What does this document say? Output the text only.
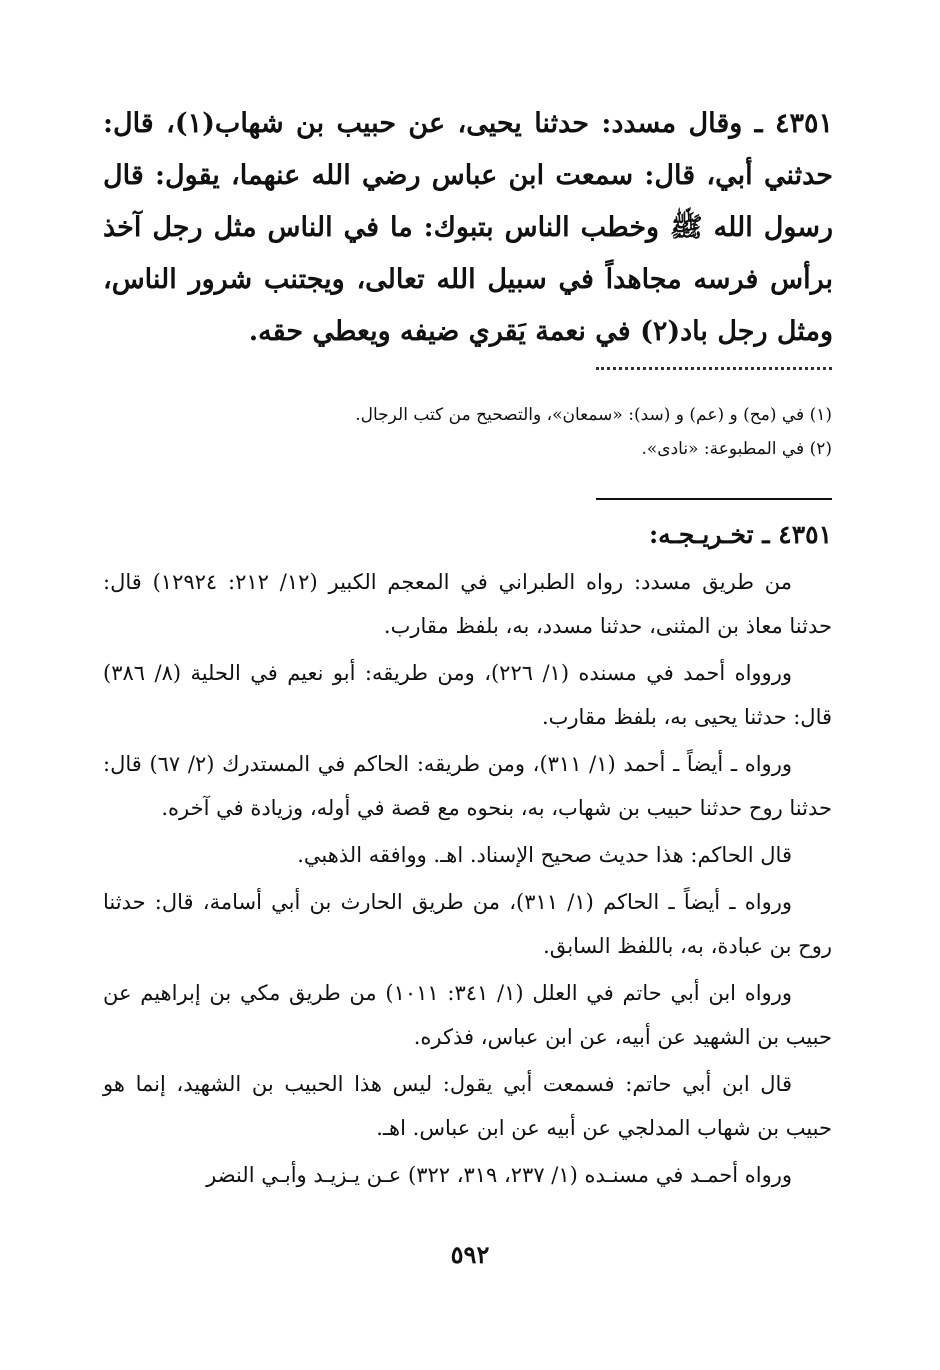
٤٣٥١ ـ وقال مسدد: حدثنا يحيى، عن حبيب بن شهاب(١)، قال: حدثني أبي، قال: سمعت ابن عباس رضي الله عنهما، يقول: قال رسول الله ﷺ وخطب الناس بتبوك: ما في الناس مثل رجل آخذ برأس فرسه مجاهداً في سبيل الله تعالى، ويجتنب شرور الناس، ومثل رجل باد(٢) في نعمة يَقري ضيفه ويعطي حقه.

(١) في (مح) و (عم) و (سد): «سمعان»، والتصحيح من كتب الرجال.

(٢) في المطبوعة: «نادى».

٤٣٥١ ـ تخـريـجـه:

من طريق مسدد: رواه الطبراني في المعجم الكبير (١٢/ ٢١٢: ١٢٩٢٤) قال: حدثنا معاذ بن المثنى، حدثنا مسدد، به، بلفظ مقارب.

وروواه أحمد في مسنده (١/ ٢٢٦)، ومن طريقه: أبو نعيم في الحلية (٨/ ٣٨٦) قال: حدثنا يحيى به، بلفظ مقارب.

ورواه ـ أيضاً ـ أحمد (١/ ٣١١)، ومن طريقه: الحاكم في المستدرك (٢/ ٦٧) قال: حدثنا روح حدثنا حبيب بن شهاب، به، بنحوه مع قصة في أوله، وزيادة في آخره.

قال الحاكم: هذا حديث صحيح الإسناد. اهـ. ووافقه الذهبي.

ورواه ـ أيضاً ـ الحاكم (١/ ٣١١)، من طريق الحارث بن أبي أسامة، قال: حدثنا روح بن عبادة، به، باللفظ السابق.

ورواه ابن أبي حاتم في العلل (١/ ٣٤١: ١٠١١) من طريق مكي بن إبراهيم عن حبيب بن الشهيد عن أبيه، عن ابن عباس، فذكره.

قال ابن أبي حاتم: فسمعت أبي يقول: ليس هذا الحبيب بن الشهيد، إنما هو حبيب بن شهاب المدلجي عن أبيه عن ابن عباس. اهـ.

ورواه أحمـد في مسنـده (١/ ٢٣٧، ٣١٩، ٣٢٢) عـن يـزيـد وأبـي النضر

٥٩٢
